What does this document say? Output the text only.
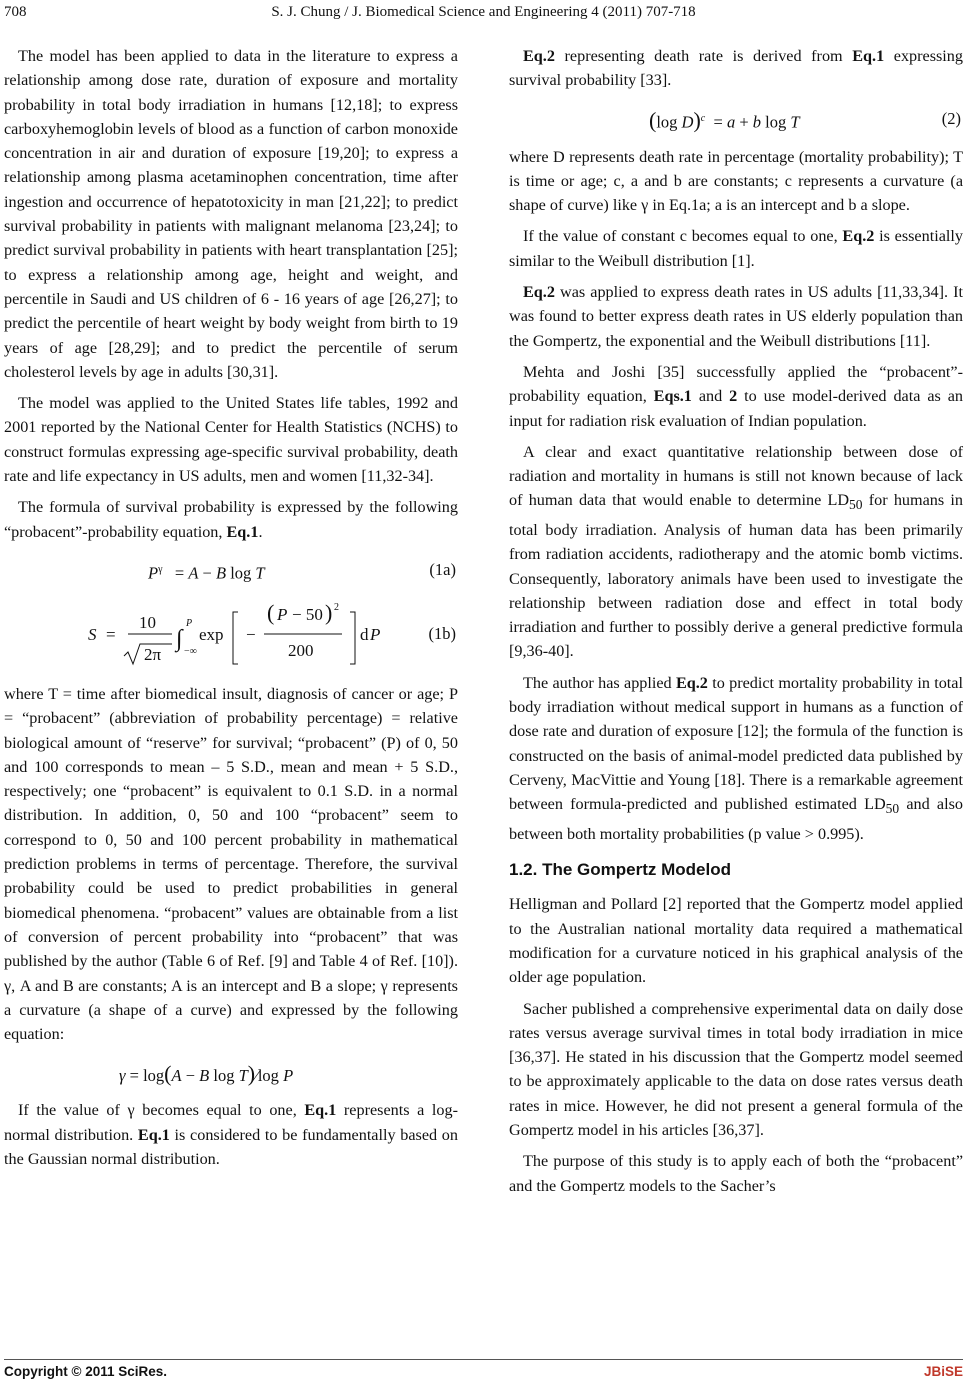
708	S. J. Chung / J. Biomedical Science and Engineering 4 (2011) 707-718

The model has been applied to data in the literature to express a relationship among dose rate, duration of exposure and mortality probability in total body irradiation in humans [12,18]; to express carboxyhemoglobin levels of blood as a function of carbon monoxide concentration in air and duration of exposure [19,20]; to express a relationship among plasma acetaminophen concentration, time after ingestion and occurrence of hepatotoxicity in man [21,22]; to predict survival probability in patients with malignant melanoma [23,24]; to predict survival probability in patients with heart transplantation [25]; to express a relationship among age, height and weight, and percentile in Saudi and US children of 6 - 16 years of age [26,27]; to predict the percentile of heart weight by body weight from birth to 19 years of age [28,29]; and to predict the percentile of serum cholesterol levels by age in adults [30,31].

The model was applied to the United States life tables, 1992 and 2001 reported by the National Center for Health Statistics (NCHS) to construct formulas expressing age-specific survival probability, death rate and life expectancy in US adults, men and women [11,32-34].

The formula of survival probability is expressed by the following “probacent”-probability equation, Eq.1.

$P^\gamma = A - B$ log T	(1a)
S =
10
2π
∫
P
−∞
exp −
( P − 50 ) 2
200
d P	(1b)

where T = time after biomedical insult, diagnosis of cancer or age; P = “probacent” (abbreviation of probability percentage) = relative biological amount of “reserve” for survival; “probacent” (P) of 0, 50 and 100 corresponds to mean – 5 S.D., mean and mean + 5 S.D., respectively; one “probacent” is equivalent to 0.1 S.D. in a normal distribution. In addition, 0, 50 and 100 “probacent” seem to correspond to 0, 50 and 100 percent probability in mathematical prediction problems in terms of percentage. Therefore, the survival probability could be used to predict probabilities in general biomedical phenomena. “probacent” values are obtainable from a list of conversion of percent probability into “probacent” that was published by the author (Table 6 of Ref. [9] and Table 4 of Ref. [10]). γ, A and B are constants; A is an intercept and B a slope; γ represents a curvature (a shape of a curve) and expressed by the following equation:

γ = log(A − B log T)∕log P

If the value of γ becomes equal to one, Eq.1 represents a log-normal distribution. Eq.1 is considered to be fundamentally based on the Gaussian normal distribution.

Eq.2 representing death rate is derived from Eq.1 expressing survival probability [33].

(log D)$^c$  = a + b log T	(2)

where D represents death rate in percentage (mortality probability); T is time or age; c, a and b are constants; c represents a curvature (a shape of curve) like γ in Eq.1a; a is an intercept and b a slope.

If the value of constant c becomes equal to one, Eq.2 is essentially similar to the Weibull distribution [1].

Eq.2 was applied to express death rates in US adults [11,33,34]. It was found to better express death rates in US elderly population than the Gompertz, the exponential and the Weibull distributions [11].

Mehta and Joshi [35] successfully applied the “probacent”-probability equation, Eqs.1 and 2 to use model-derived data as an input for radiation risk evaluation of Indian population.

A clear and exact quantitative relationship between dose of radiation and mortality in humans is still not known because of lack of human data that would enable to determine $LD_{50}$ for humans in total body irradiation. Analysis of human data has been primarily from radiation accidents, radiotherapy and the atomic bomb victims. Consequently, laboratory animals have been used to investigate the relationship between radiation dose and effect in total body irradiation and further to possibly derive a general predictive formula [9,36-40].

The author has applied Eq.2 to predict mortality probability in total body irradiation without medical support in humans as a function of dose rate and duration of exposure [12]; the formula of the function is constructed on the basis of animal-model predicted data published by Cerveny, MacVittie and Young [18]. There is a remarkable agreement between formula-predicted and published estimated $LD_{50}$ and also between both mortality probabilities (p value > 0.995).

1.2. The Gompertz Modelod

Helligman and Pollard [2] reported that the Gompertz model applied to the Australian national mortality data required a mathematical modification for a curvature noticed in his graphical analysis of the older age population.

Sacher published a comprehensive experimental data on daily dose rates versus average survival times in total body irradiation in mice [36,37]. He stated in his discussion that the Gompertz model seemed to be approximately applicable to the data on dose rates versus death rates in mice. However, he did not present a general formula of the Gompertz model in his articles [36,37].

The purpose of this study is to apply each of both the “probacent” and the Gompertz models to the Sacher’s

Copyright © 2011 SciRes.	JBiSE
